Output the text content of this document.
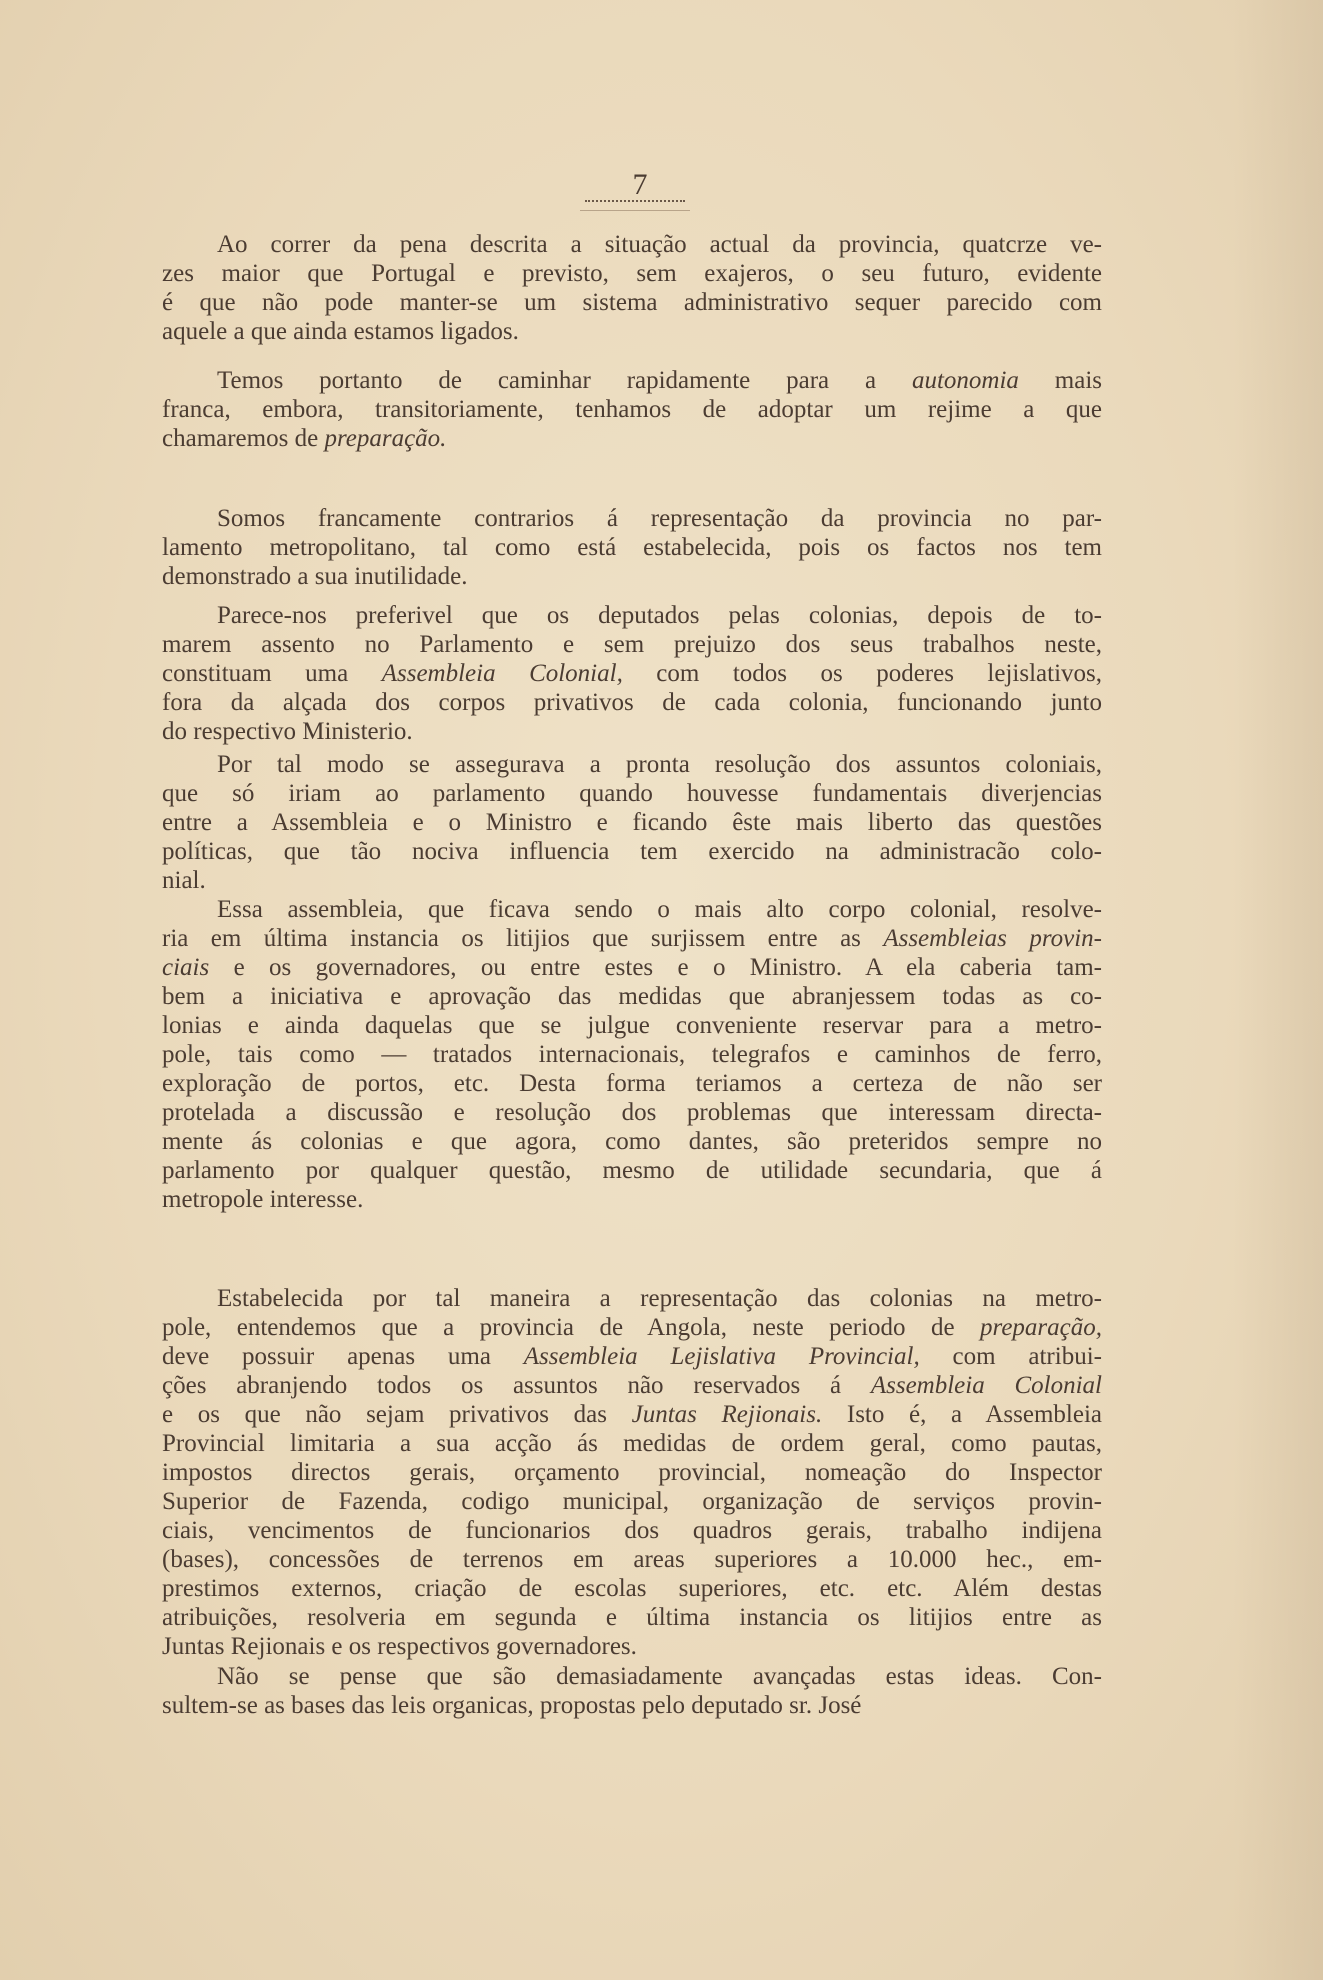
7
Ao correr da pena descrita a situação actual da provincia, quatcrze ve-
zes maior que Portugal e previsto, sem exajeros, o seu futuro, evidente
é que não pode manter-se um sistema administrativo sequer parecido com
aquele a que ainda estamos ligados.
Temos portanto de caminhar rapidamente para a autonomia mais
franca, embora, transitoriamente, tenhamos de adoptar um rejime a que
chamaremos de preparação.
Somos francamente contrarios á representação da provincia no par-
lamento metropolitano, tal como está estabelecida, pois os factos nos tem
demonstrado a sua inutilidade.
Parece-nos preferivel que os deputados pelas colonias, depois de to-
marem assento no Parlamento e sem prejuizo dos seus trabalhos neste,
constituam uma Assembleia Colonial, com todos os poderes lejislativos,
fora da alçada dos corpos privativos de cada colonia, funcionando junto
do respectivo Ministerio.
Por tal modo se assegurava a pronta resolução dos assuntos coloniais,
que só iriam ao parlamento quando houvesse fundamentais diverjencias
entre a Assembleia e o Ministro e ficando êste mais liberto das questões
políticas, que tão nociva influencia tem exercido na administracão colo-
nial.
Essa assembleia, que ficava sendo o mais alto corpo colonial, resolve-
ria em última instancia os litijios que surjissem entre as Assembleias provin-
ciais e os governadores, ou entre estes e o Ministro. A ela caberia tam-
bem a iniciativa e aprovação das medidas que abranjessem todas as co-
lonias e ainda daquelas que se julgue conveniente reservar para a metro-
pole, tais como — tratados internacionais, telegrafos e caminhos de ferro,
exploração de portos, etc. Desta forma teriamos a certeza de não ser
protelada a discussão e resolução dos problemas que interessam directa-
mente ás colonias e que agora, como dantes, são preteridos sempre no
parlamento por qualquer questão, mesmo de utilidade secundaria, que á
metropole interesse.
Estabelecida por tal maneira a representação das colonias na metro-
pole, entendemos que a provincia de Angola, neste periodo de preparação,
deve possuir apenas uma Assembleia Lejislativa Provincial, com atribui-
ções abranjendo todos os assuntos não reservados á Assembleia Colonial
e os que não sejam privativos das Juntas Rejionais. Isto é, a Assembleia
Provincial limitaria a sua acção ás medidas de ordem geral, como pautas,
impostos directos gerais, orçamento provincial, nomeação do Inspector
Superior de Fazenda, codigo municipal, organização de serviços provin-
ciais, vencimentos de funcionarios dos quadros gerais, trabalho indijena
(bases), concessões de terrenos em areas superiores a 10.000 hec., em-
prestimos externos, criação de escolas superiores, etc. etc. Além destas
atribuições, resolveria em segunda e última instancia os litijios entre as
Juntas Rejionais e os respectivos governadores.
Não se pense que são demasiadamente avançadas estas ideas. Con-
sultem-se as bases das leis organicas, propostas pelo deputado sr. José
